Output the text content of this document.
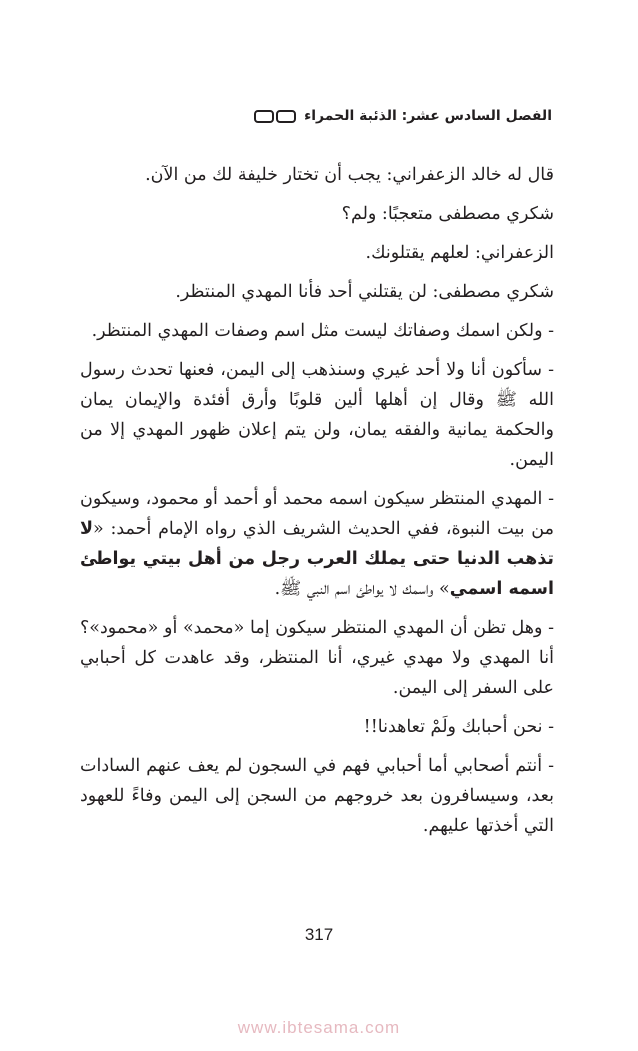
الفصل السادس عشر: الذئبة الحمراء

قال له خالد الزعفراني: يجب أن تختار خليفة لك من الآن.

شكري مصطفى متعجبًا: ولم؟

الزعفراني: لعلهم يقتلونك.

شكري مصطفى: لن يقتلني أحد فأنا المهدي المنتظر.

- ولكن اسمك وصفاتك ليست مثل اسم وصفات المهدي المنتظر.

- سأكون أنا ولا أحد غيري وسنذهب إلى اليمن، فعنها تحدث رسول الله ﷺ وقال إن أهلها ألين قلوبًا وأرق أفئدة والإيمان يمان والحكمة يمانية والفقه يمان، ولن يتم إعلان ظهور المهدي إلا من اليمن.

- المهدي المنتظر سيكون اسمه محمد أو أحمد أو محمود، وسيكون من بيت النبوة، ففي الحديث الشريف الذي رواه الإمام أحمد: «لا تذهب الدنيا حتى يملك العرب رجل من أهل بيتي يواطئ اسمه اسمي» واسمك لا يواطئ اسم النبي ﷺ.

- وهل تظن أن المهدي المنتظر سيكون إما «محمد» أو «محمود»؟ أنا المهدي ولا مهدي غيري، أنا المنتظر، وقد عاهدت كل أحبابي على السفر إلى اليمن.

- نحن أحبابك ولَمْ تعاهدنا!!

- أنتم أصحابي أما أحبابي فهم في السجون لم يعف عنهم السادات بعد، وسيسافرون بعد خروجهم من السجن إلى اليمن وفاءً للعهود التي أخذتها عليهم.

317
www.ibtesama.com
